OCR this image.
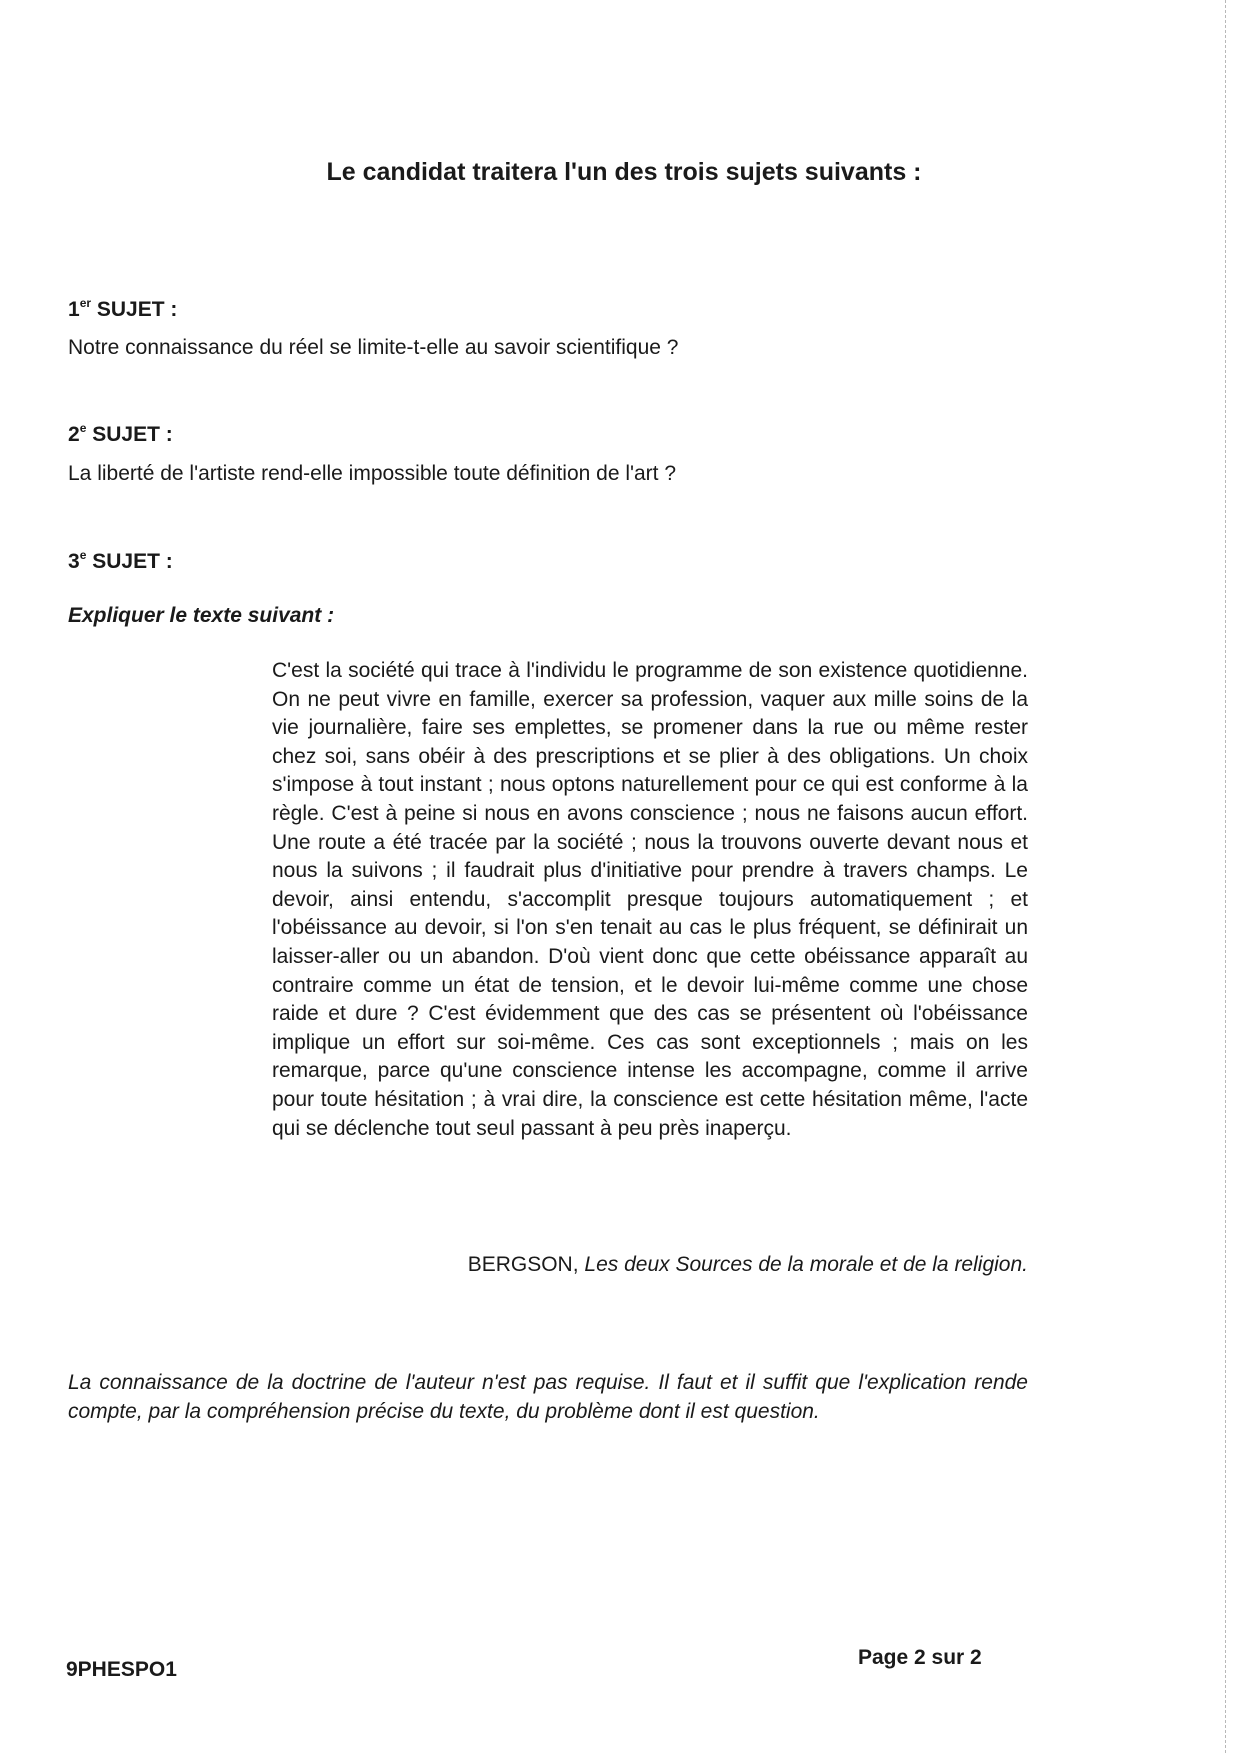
Le candidat traitera l'un des trois sujets suivants :
1er SUJET :
Notre connaissance du réel se limite-t-elle au savoir scientifique ?
2e SUJET :
La liberté de l'artiste rend-elle impossible toute définition de l'art ?
3e SUJET :
Expliquer le texte suivant :
C'est la société qui trace à l'individu le programme de son existence quotidienne. On ne peut vivre en famille, exercer sa profession, vaquer aux mille soins de la vie journalière, faire ses emplettes, se promener dans la rue ou même rester chez soi, sans obéir à des prescriptions et se plier à des obligations. Un choix s'impose à tout instant ; nous optons naturellement pour ce qui est conforme à la règle. C'est à peine si nous en avons conscience ; nous ne faisons aucun effort. Une route a été tracée par la société ; nous la trouvons ouverte devant nous et nous la suivons ; il faudrait plus d'initiative pour prendre à travers champs. Le devoir, ainsi entendu, s'accomplit presque toujours automatiquement ; et l'obéissance au devoir, si l'on s'en tenait au cas le plus fréquent, se définirait un laisser-aller ou un abandon. D'où vient donc que cette obéissance apparaît au contraire comme un état de tension, et le devoir lui-même comme une chose raide et dure ? C'est évidemment que des cas se présentent où l'obéissance implique un effort sur soi-même. Ces cas sont exceptionnels ; mais on les remarque, parce qu'une conscience intense les accompagne, comme il arrive pour toute hésitation ; à vrai dire, la conscience est cette hésitation même, l'acte qui se déclenche tout seul passant à peu près inaperçu.
BERGSON, Les deux Sources de la morale et de la religion.
La connaissance de la doctrine de l'auteur n'est pas requise. Il faut et il suffit que l'explication rende compte, par la compréhension précise du texte, du problème dont il est question.
9PHESPO1
Page 2 sur 2
